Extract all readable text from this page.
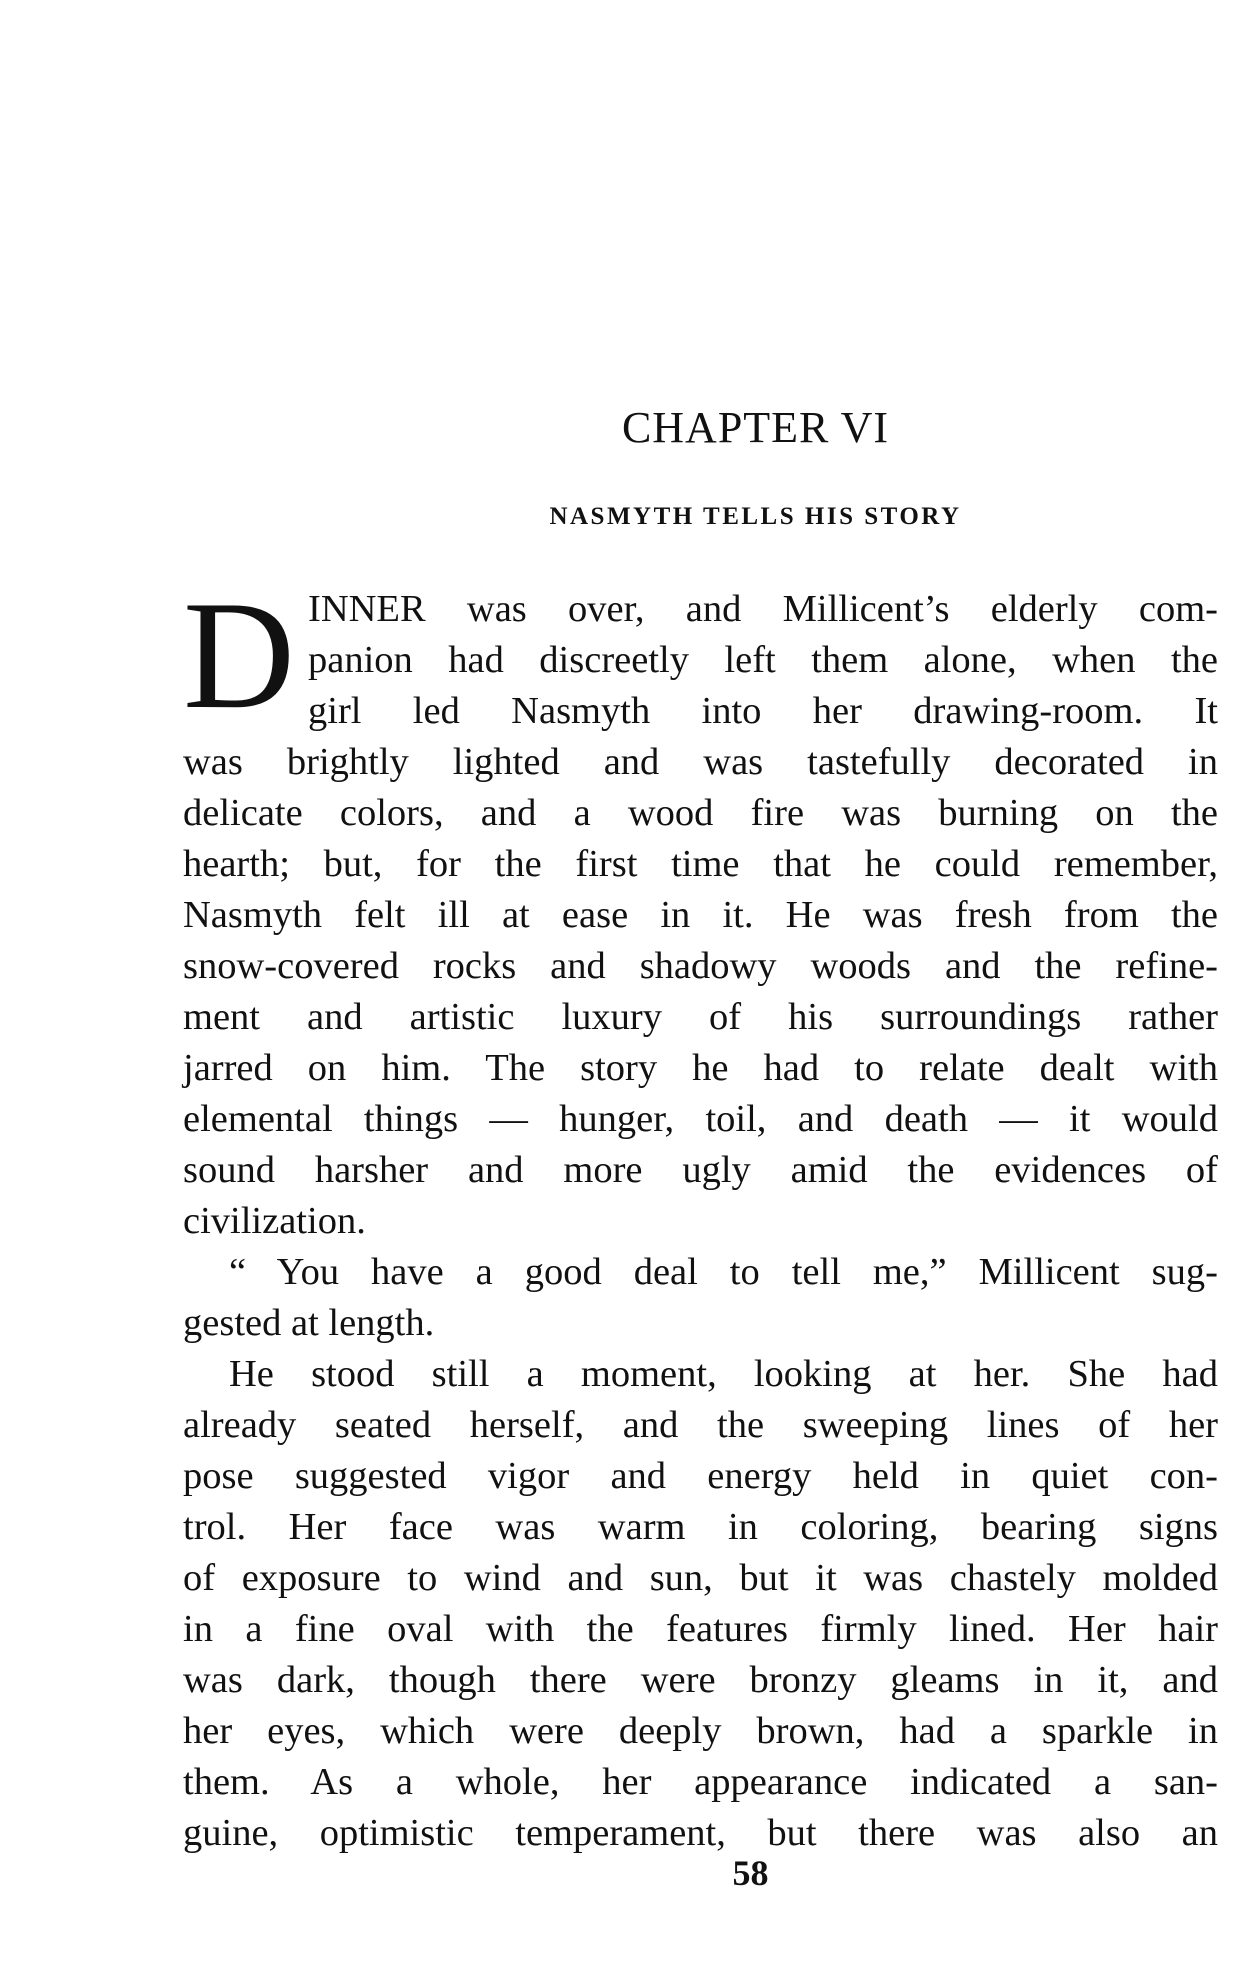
CHAPTER VI
NASMYTH TELLS HIS STORY
D INNER was over, and Millicent’s elderly com-
panion had discreetly left them alone, when the
girl led Nasmyth into her drawing-room. It
was brightly lighted and was tastefully decorated in
delicate colors, and a wood fire was burning on the
hearth; but, for the first time that he could remember,
Nasmyth felt ill at ease in it. He was fresh from the
snow-covered rocks and shadowy woods and the refine-
ment and artistic luxury of his surroundings rather
jarred on him. The story he had to relate dealt with
elemental things — hunger, toil, and death — it would
sound harsher and more ugly amid the evidences of
civilization.
“ You have a good deal to tell me,” Millicent sug-
gested at length.
He stood still a moment, looking at her. She had
already seated herself, and the sweeping lines of her
pose suggested vigor and energy held in quiet con-
trol. Her face was warm in coloring, bearing signs
of exposure to wind and sun, but it was chastely molded
in a fine oval with the features firmly lined. Her hair
was dark, though there were bronzy gleams in it, and
her eyes, which were deeply brown, had a sparkle in
them. As a whole, her appearance indicated a san-
guine, optimistic temperament, but there was also an
58
